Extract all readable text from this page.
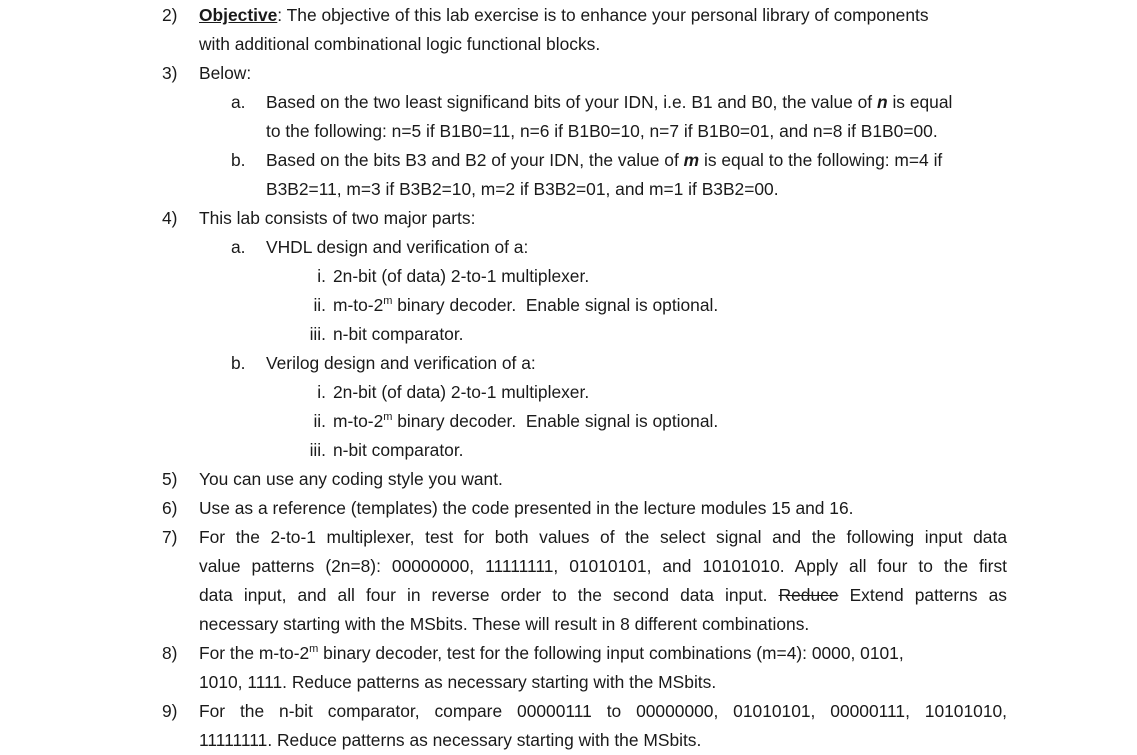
2) Objective: The objective of this lab exercise is to enhance your personal library of components
with additional combinational logic functional blocks.
3) Below:
a. Based on the two least significand bits of your IDN, i.e. B1 and B0, the value of n is equal
to the following: n=5 if B1B0=11, n=6 if B1B0=10, n=7 if B1B0=01, and n=8 if B1B0=00.
b. Based on the bits B3 and B2 of your IDN, the value of m is equal to the following: m=4 if
B3B2=11, m=3 if B3B2=10, m=2 if B3B2=01, and m=1 if B3B2=00.
4) This lab consists of two major parts:
a. VHDL design and verification of a:
i. 2n-bit (of data) 2-to-1 multiplexer.
ii. m-to-2$^m$ binary decoder.  Enable signal is optional.
iii. n-bit comparator.
b. Verilog design and verification of a:
i. 2n-bit (of data) 2-to-1 multiplexer.
ii. m-to-2$^m$ binary decoder.  Enable signal is optional.
iii. n-bit comparator.
5) You can use any coding style you want.
6) Use as a reference (templates) the code presented in the lecture modules 15 and 16.
7) For the 2-to-1 multiplexer, test for both values of the select signal and the following input data
value patterns (2n=8): 00000000, 11111111, 01010101, and 10101010. Apply all four to the first
data input, and all four in reverse order to the second data input. Reduce Extend patterns as
necessary starting with the MSbits. These will result in 8 different combinations.
8) For the m-to-2$^m$ binary decoder, test for the following input combinations (m=4): 0000, 0101,
1010, 1111. Reduce patterns as necessary starting with the MSbits.
9) For the n-bit comparator, compare 00000111 to 00000000, 01010101, 00000111, 10101010,
11111111. Reduce patterns as necessary starting with the MSbits.
